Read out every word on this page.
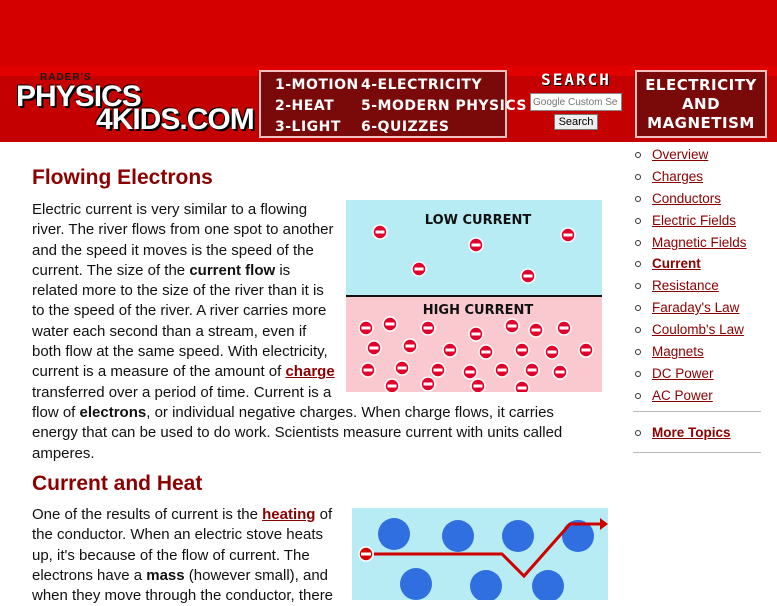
RADER'S
PHYSICS
4KIDS.COM
1-MOTION
2-HEAT
3-LIGHT
4-ELECTRICITY
5-MODERN PHYSICS
6-QUIZZES
SEARCH
Google Custom Se
Search
ELECTRICITY
AND
MAGNETISM
Flowing Electrons
LOW CURRENT
HIGH CURRENT
Electric current is very similar to a flowing river. The river flows from one spot to another and the speed it moves is the speed of the current. The size of the current flow is related more to the size of the river than it is to the speed of the river. A river carries more water each second than a stream, even if both flow at the same speed. With electricity, current is a measure of the amount of charge transferred over a period of time. Current is a flow of electrons, or individual negative charges. When charge flows, it carries energy that can be used to do work. Scientists measure current with units called amperes.
Current and Heat
One of the results of current is the heating of the conductor. When an electric stove heats up, it's because of the flow of current. The electrons have a mass (however small), and when they move through the conductor, there
Overview
Charges
Conductors
Electric Fields
Magnetic Fields
Current
Resistance
Faraday's Law
Coulomb's Law
Magnets
DC Power
AC Power
More Topics
